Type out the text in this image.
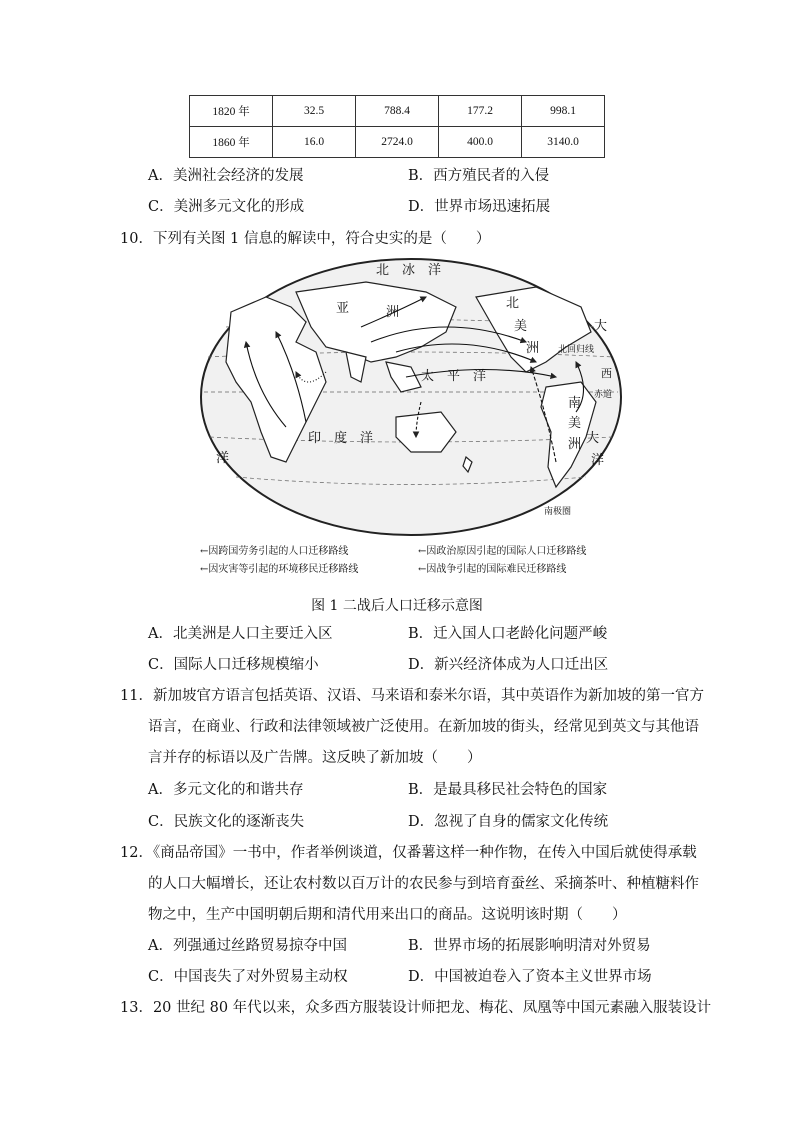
1820 年	32.5	788.4	177.2	998.1
1860 年	16.0	2724.0	400.0	3140.0
A．美洲社会经济的发展	B．西方殖民者的入侵
C．美洲多元文化的形成	D．世界市场迅速拓展
10．下列有关图 1 信息的解读中，符合史实的是（　　）
北　冰　洋
亚	洲
北
美
洲
太　平　洋
印　度　洋
大
西
洋
南
美
洲 大
洋
北回归线
赤道
南极圈
←因跨国劳务引起的人口迁移路线	←因政治原因引起的国际人口迁移路线
←因灾害等引起的环境移民迁移路线	←因战争引起的国际难民迁移路线
图 1 二战后人口迁移示意图
A．北美洲是人口主要迁入区	B．迁入国人口老龄化问题严峻
C．国际人口迁移规模缩小	D．新兴经济体成为人口迁出区
11．新加坡官方语言包括英语、汉语、马来语和泰米尔语，其中英语作为新加坡的第一官方
语言，在商业、行政和法律领域被广泛使用。在新加坡的街头，经常见到英文与其他语
言并存的标语以及广告牌。这反映了新加坡（　　）
A．多元文化的和谐共存	B．是最具移民社会特色的国家
C．民族文化的逐渐丧失	D．忽视了自身的儒家文化传统
12．《商品帝国》一书中，作者举例谈道，仅番薯这样一种作物，在传入中国后就使得承载
的人口大幅增长，还让农村数以百万计的农民参与到培育蚕丝、采摘茶叶、种植糖料作
物之中，生产中国明朝后期和清代用来出口的商品。这说明该时期（　　）
A．列强通过丝路贸易掠夺中国	B．世界市场的拓展影响明清对外贸易
C．中国丧失了对外贸易主动权	D．中国被迫卷入了资本主义世界市场
13．20 世纪 80 年代以来，众多西方服装设计师把龙、梅花、凤凰等中国元素融入服装设计
